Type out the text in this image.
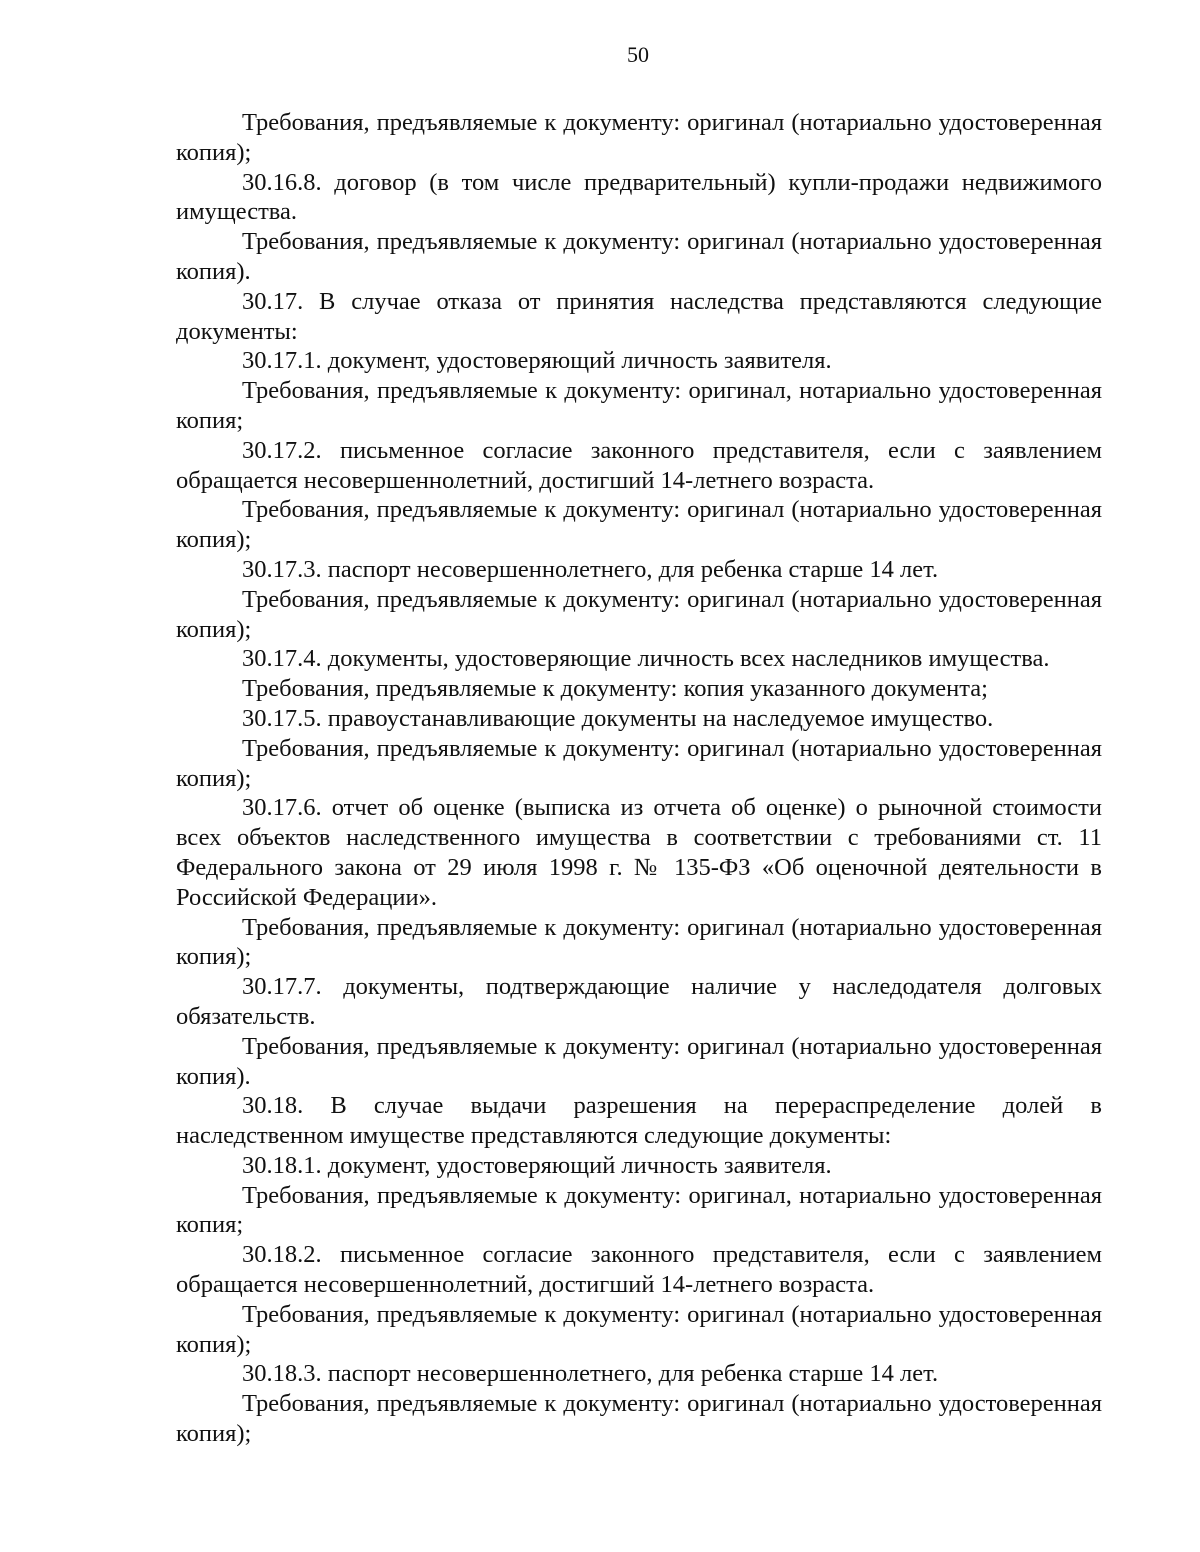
50

Требования, предъявляемые к документу: оригинал (нотариально удостоверенная копия);

30.16.8. договор (в том числе предварительный) купли-продажи недвижимого имущества.

Требования, предъявляемые к документу: оригинал (нотариально удостоверенная копия).

30.17. В случае отказа от принятия наследства представляются следующие документы:

30.17.1. документ, удостоверяющий личность заявителя.

Требования, предъявляемые к документу: оригинал, нотариально удостоверенная копия;

30.17.2. письменное согласие законного представителя, если с заявлением обращается несовершеннолетний, достигший 14-летнего возраста.

Требования, предъявляемые к документу: оригинал (нотариально удостоверенная копия);

30.17.3. паспорт несовершеннолетнего, для ребенка старше 14 лет.

Требования, предъявляемые к документу: оригинал (нотариально удостоверенная копия);

30.17.4. документы, удостоверяющие личность всех наследников имущества.

Требования, предъявляемые к документу: копия указанного документа;

30.17.5. правоустанавливающие документы на наследуемое имущество.

Требования, предъявляемые к документу: оригинал (нотариально удостоверенная копия);

30.17.6. отчет об оценке (выписка из отчета об оценке) о рыночной стоимости всех объектов наследственного имущества в соответствии с требованиями ст. 11 Федерального закона от 29 июля 1998 г. № 135-ФЗ «Об оценочной деятельности в Российской Федерации».

Требования, предъявляемые к документу: оригинал (нотариально удостоверенная копия);

30.17.7. документы, подтверждающие наличие у наследодателя долговых обязательств.

Требования, предъявляемые к документу: оригинал (нотариально удостоверенная копия).

30.18. В случае выдачи разрешения на перераспределение долей в наследственном имуществе представляются следующие документы:

30.18.1. документ, удостоверяющий личность заявителя.

Требования, предъявляемые к документу: оригинал, нотариально удостоверенная копия;

30.18.2. письменное согласие законного представителя, если с заявлением обращается несовершеннолетний, достигший 14-летнего возраста.

Требования, предъявляемые к документу: оригинал (нотариально удостоверенная копия);

30.18.3. паспорт несовершеннолетнего, для ребенка старше 14 лет.

Требования, предъявляемые к документу: оригинал (нотариально удостоверенная копия);
